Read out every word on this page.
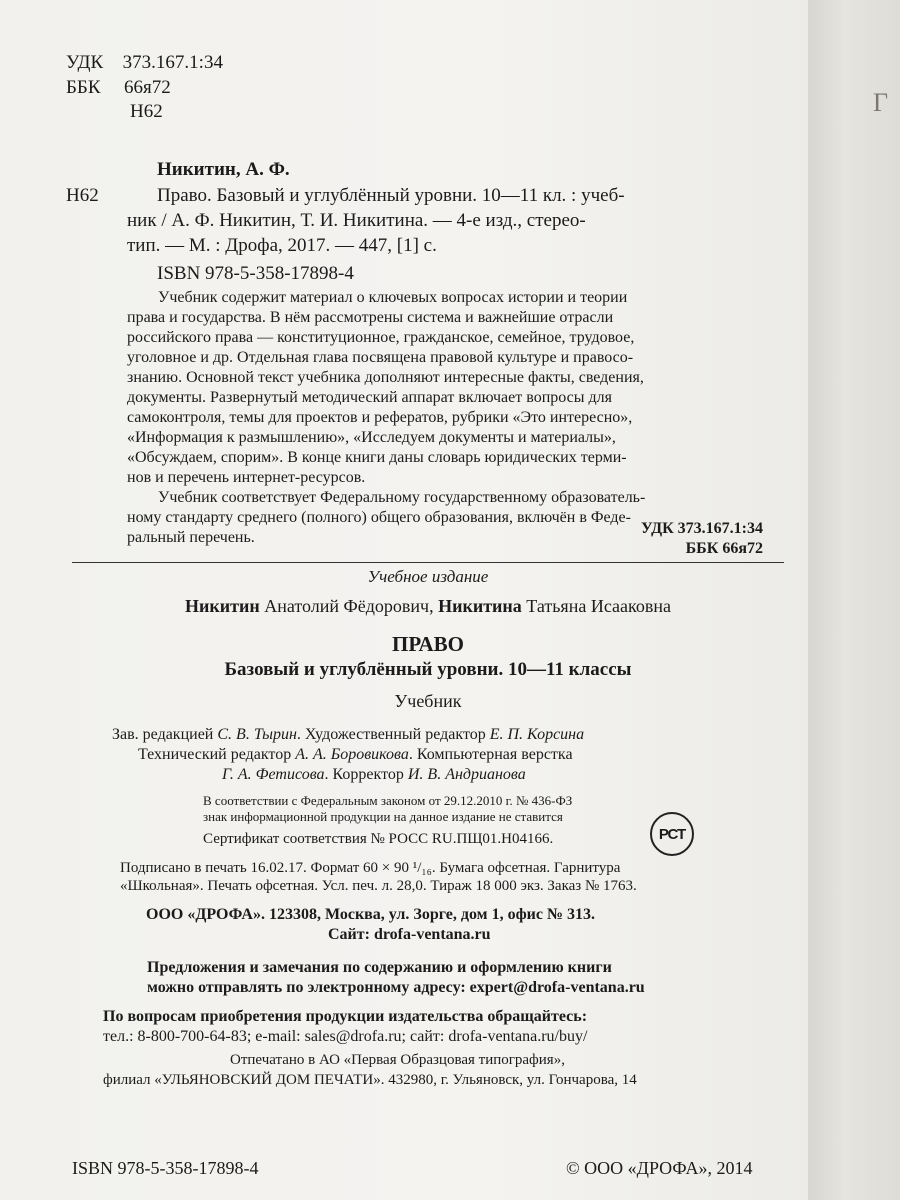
УДК 373.167.1:34
ББК 66я72
Н62
Никитин, А. Ф.
Н62	Право. Базовый и углублённый уровни. 10—11 кл. : учеб-
ник / А. Ф. Никитин, Т. И. Никитина. — 4-е изд., стерео-
тип. — М. : Дрофа, 2017. — 447, [1] с.
ISBN 978-5-358-17898-4
Учебник содержит материал о ключевых вопросах истории и теории
права и государства. В нём рассмотрены система и важнейшие отрасли
российского права — конституционное, гражданское, семейное, трудовое,
уголовное и др. Отдельная глава посвящена правовой культуре и правосо-
знанию. Основной текст учебника дополняют интересные факты, сведения,
документы. Развернутый методический аппарат включает вопросы для
самоконтроля, темы для проектов и рефератов, рубрики «Это интересно»,
«Информация к размышлению», «Исследуем документы и материалы»,
«Обсуждаем, спорим». В конце книги даны словарь юридических терми-
нов и перечень интернет-ресурсов.
Учебник соответствует Федеральному государственному образователь-
ному стандарту среднего (полного) общего образования, включён в Феде-
ральный перечень.
УДК 373.167.1:34
ББК 66я72
Учебное издание
Никитин Анатолий Фёдорович, Никитина Татьяна Исааковна
ПРАВО
Базовый и углублённый уровни. 10—11 классы
Учебник
Зав. редакцией С. В. Тырин. Художественный редактор Е. П. Корсина
Технический редактор А. А. Боровикова. Компьютерная верстка
Г. А. Фетисова. Корректор И. В. Андрианова
В соответствии с Федеральным законом от 29.12.2010 г. № 436-ФЗ
знак информационной продукции на данное издание не ставится
Сертификат соответствия № РОСС RU.ПЩ01.Н04166.	РСТ
Подписано в печать 16.02.17. Формат 60 × 90 ¹/₁₆. Бумага офсетная. Гарнитура
«Школьная». Печать офсетная. Усл. печ. л. 28,0. Тираж 18 000 экз. Заказ № 1763.
ООО «ДРОФА». 123308, Москва, ул. Зорге, дом 1, офис № 313.
Сайт: drofa-ventana.ru
Предложения и замечания по содержанию и оформлению книги
можно отправлять по электронному адресу: expert@drofa-ventana.ru
По вопросам приобретения продукции издательства обращайтесь:
тел.: 8-800-700-64-83; e-mail: sales@drofa.ru; сайт: drofa-ventana.ru/buy/
Отпечатано в АО «Первая Образцовая типография»,
филиал «УЛЬЯНОВСКИЙ ДОМ ПЕЧАТИ». 432980, г. Ульяновск, ул. Гончарова, 14
ISBN 978-5-358-17898-4	© ООО «ДРОФА», 2014
Г
